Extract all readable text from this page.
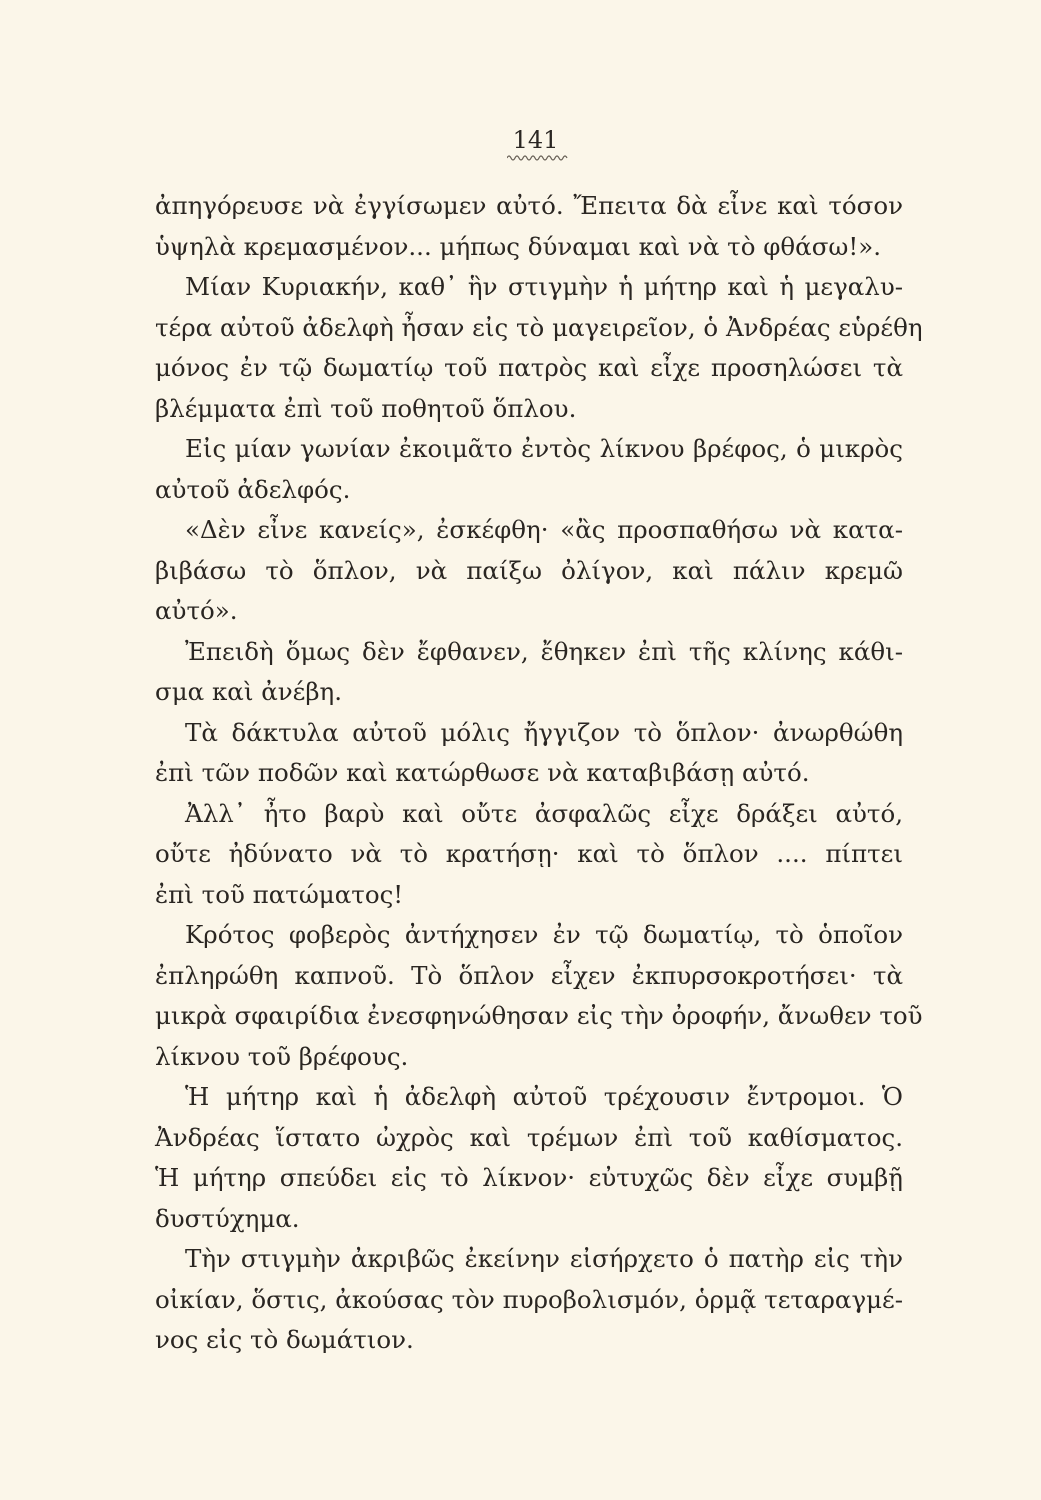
141
ἀπηγόρευσε νὰ ἐγγίσωμεν αὐτό. Ἔπειτα δὰ εἶνε καὶ τόσον
ὑψηλὰ κρεμασμένον... μήπως δύναμαι καὶ νὰ τὸ φθάσω!».
Μίαν Κυριακήν, καθ᾽ ἣν στιγμὴν ἡ μήτηρ καὶ ἡ μεγαλυ-
τέρα αὐτοῦ ἀδελφὴ ἦσαν εἰς τὸ μαγειρεῖον, ὁ Ἀνδρέας εὑρέθη
μόνος ἐν τῷ δωματίῳ τοῦ πατρὸς καὶ εἶχε προσηλώσει τὰ
βλέμματα ἐπὶ τοῦ ποθητοῦ ὅπλου.
Εἰς μίαν γωνίαν ἐκοιμᾶτο ἐντὸς λίκνου βρέφος, ὁ μικρὸς
αὐτοῦ ἀδελφός.
«Δὲν εἶνε κανείς», ἐσκέφθη· «ἂς προσπαθήσω νὰ κατα-
βιβάσω τὸ ὅπλον, νὰ παίξω ὀλίγον, καὶ πάλιν κρεμῶ
αὐτό».
Ἐπειδὴ ὅμως δὲν ἔφθανεν, ἔθηκεν ἐπὶ τῆς κλίνης κάθι-
σμα καὶ ἀνέβη.
Τὰ δάκτυλα αὐτοῦ μόλις ἤγγιζον τὸ ὅπλον· ἀνωρθώθη
ἐπὶ τῶν ποδῶν καὶ κατώρθωσε νὰ καταβιβάσῃ αὐτό.
Ἀλλ᾽ ἦτο βαρὺ καὶ οὔτε ἀσφαλῶς εἶχε δράξει αὐτό,
οὔτε ἠδύνατο νὰ τὸ κρατήσῃ· καὶ τὸ ὅπλον .... πίπτει
ἐπὶ τοῦ πατώματος!
Κρότος φοβερὸς ἀντήχησεν ἐν τῷ δωματίῳ, τὸ ὁποῖον
ἐπληρώθη καπνοῦ. Τὸ ὅπλον εἶχεν ἐκπυρσοκροτήσει· τὰ
μικρὰ σφαιρίδια ἐνεσφηνώθησαν εἰς τὴν ὀροφήν, ἄνωθεν τοῦ
λίκνου τοῦ βρέφους.
Ἡ μήτηρ καὶ ἡ ἀδελφὴ αὐτοῦ τρέχουσιν ἔντρομοι. Ὁ
Ἀνδρέας ἵστατο ὠχρὸς καὶ τρέμων ἐπὶ τοῦ καθίσματος.
Ἡ μήτηρ σπεύδει εἰς τὸ λίκνον· εὐτυχῶς δὲν εἶχε συμβῇ
δυστύχημα.
Τὴν στιγμὴν ἀκριβῶς ἐκείνην εἰσήρχετο ὁ πατὴρ εἰς τὴν
οἰκίαν, ὅστις, ἀκούσας τὸν πυροβολισμόν, ὁρμᾷ τεταραγμέ-
νος εἰς τὸ δωμάτιον.
